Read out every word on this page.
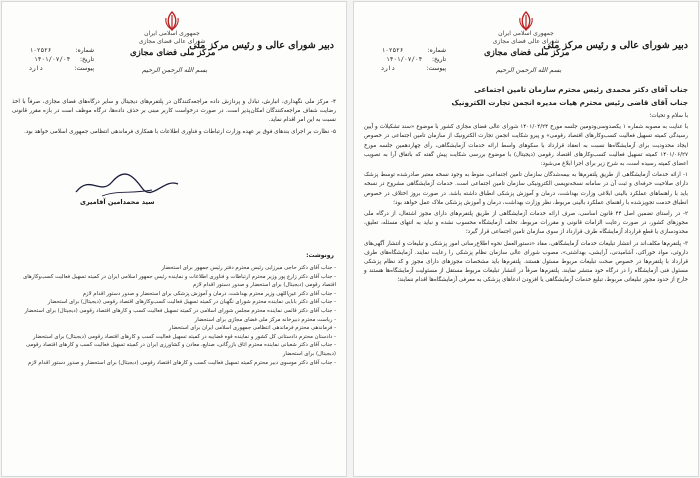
جمهوری اسلامی ایران
شورای عالی فضای مجازی
مرکز ملی فضای مجازی
دبیر شورای عالی و رئیس مرکز ملی
شماره: ۱۰۲۵۲۶
تاریخ: ۱۴۰۱/۰۷/۰۴
پیوست: دارد	بسم الله الرحمن الرحیم

۴- مرکز ملی نگهداری، انبارش، تبادل و پردازش داده مراجعه‌کنندگان در پلتفرم‌های دیجیتال و سایر درگاه‌های فضای مجازی، صرفاً با اخذ رضایت شفاف مراجعه‌کنندگان امکان‌پذیر است. در صورت درخواست کاربر مبنی بر حذف داده‌ها، درگاه موظف است در بازه مقرر قانونی نسبت به این امر اقدام نماید.

۵- نظارت بر اجرای بندهای فوق بر عهده وزارت ارتباطات و فناوری اطلاعات با همکاری فرماندهی انتظامی جمهوری اسلامی خواهد بود.

سید محمدامین آقامیری
رونوشت:

- جناب آقای دکتر حاجی میرزایی رئیس محترم دفتر رئیس جمهور برای استحضار

- جناب آقای دکتر زارع پور وزیر محترم ارتباطات و فناوری اطلاعات و نماینده رئیس جمهور اسلامی ایران در کمیته تسهیل فعالیت کسب‌وکارهای اقتصاد رقومی (دیجیتال) برای استحضار و صدور دستور اقدام لازم

- جناب آقای دکتر عین‌اللهی وزیر محترم بهداشت، درمان و آموزش پزشکی برای استحضار و صدور دستور اقدام لازم

- جناب آقای دکتر بابایی نماینده محترم شورای نگهبان در کمیته تسهیل فعالیت کسب‌وکارهای اقتصاد رقومی (دیجیتال) برای استحضار

- جناب آقای دکتر قائمی نماینده محترم مجلس شورای اسلامی در کمیته تسهیل فعالیت کسب و کارهای اقتصاد رقومی (دیجیتال) برای استحضار

- ریاست محترم دبیرخانه مرکز ملی فضای مجازی برای استحضار

- فرماندهی محترم فرماندهی انتظامی جمهوری اسلامی ایران برای استحضار

- دادستان محترم دادستانی کل کشور و نماینده قوه قضاییه در کمیته تسهیل فعالیت کسب و کارهای اقتصاد رقومی (دیجیتال) برای استحضار

- جناب آقای دکتر شعبانی نماینده محترم اتاق بازرگانی، صنایع، معادن و کشاورزی ایران در کمیته تسهیل فعالیت کسب و کارهای اقتصاد رقومی (دیجیتال) برای استحضار

- جناب آقای دکتر موسوی دبیر محترم کمیته تسهیل فعالیت کسب و کارهای اقتصاد رقومی (دیجیتال) برای استحضار و صدور دستور اقدام لازم

جمهوری اسلامی ایران
شورای عالی فضای مجازی
مرکز ملی فضای مجازی
دبیر شورای عالی و رئیس مرکز ملی
شماره: ۱۰۲۵۲۶
تاریخ: ۱۴۰۱/۰۷/۰۴
پیوست: دارد	بسم الله الرحمن الرحیم

جناب آقای دکتر محمدی رئیس محترم سازمان تامین اجتماعی

جناب آقای قاضی رئیس محترم هیات مدیره انجمن تجارت الکترونیک

با سلام و تحیات؛

با عنایت به مصوبه شماره ۱ یکصدوسی‌ودومین جلسه مورخ ۱۴۰۱/۰۴/۲۴ شورای عالی فضای مجازی کشور با موضوع «سند تشکیلات و آیین رسیدگی کمیته تسهیل فعالیت کسب‌وکارهای اقتصاد رقومی» و پیرو شکایت انجمن تجارت الکترونیک از سازمان تامین اجتماعی در خصوص ایجاد محدودیت برای آزمایشگاه‌ها نسبت به انعقاد قرارداد با سکوهای واسط ارائه خدمات آزمایشگاهی، رأی چهاردهمین جلسه مورخ ۱۴۰۱/۰۶/۲۷ کمیته تسهیل فعالیت کسب‌وکارهای اقتصاد رقومی (دیجیتال) با موضوع بررسی شکایت پیش گفته که باتفاق آرا به تصویب اعضای کمیته رسیده است، به شرح زیر برای اجرا ابلاغ می‌شود:

۱- ارائه خدمات آزمایشگاهی از طریق پلتفرم‌ها به بیمه‌شدگان سازمان تامین اجتماعی، منوط به وجود نسخه معتبر صادرشده توسط پزشک دارای صلاحیت حرفه‌ای و ثبت آن در سامانه نسخه‌نویسی الکترونیکی سازمان تامین اجتماعی است. خدمات آزمایشگاهی مشروح در نسخه باید با راهنماهای عملکرد بالینی ابلاغی وزارت بهداشت، درمان و آموزش پزشکی انطباق داشته باشد. در صورت بروز اختلاف در خصوص انطباق خدمت تجویزشده با راهنمای عملکرد بالینی مربوط، نظر وزارت بهداشت، درمان و آموزش پزشکی ملاک عمل خواهد بود؛

۲- در راستای تضمین اصل ۴۴ قانون اساسی، صرف ارائه خدمات آزمایشگاهی از طریق پلتفرم‌های دارای مجوز اشتغال، از درگاه ملی مجوزهای کشور، در صورت رعایت الزامات قانونی و مقررات مربوط، تخلف آزمایشگاه محسوب نشده و نباید به انتهای مسئله، تعلیق، محدودسازی یا قطع قرارداد آزمایشگاه طرف قرارداد از سوی سازمان تامین اجتماعی قرار گیرد؛

۳- پلتفرم‌ها مکلف‌اند در انتشار تبلیغات خدمات آزمایشگاهی، مفاد «دستورالعمل نحوه اطلاع‌رسانی امور پزشکی و تبلیغات و انتشار آگهی‌های داروئی، مواد خوراکی، آشامیدنی، آرایشی، بهداشتی»، مصوب شورای عالی سازمان نظام پزشکی را رعایت نمایند. آزمایشگاه‌های طرف قرارداد با پلتفرم‌ها در خصوص صحت تبلیغات مربوط مسئول هستند. پلتفرم‌ها باید مشخصات مجوزهای دارای مجوز و کد نظام پزشکی مسئول فنی آزمایشگاه را در درگاه خود منتشر نمایند. پلتفرم‌ها صرفاً در انتشار تبلیغات مربوط مستقل از مسئولیت آزمایشگاه‌ها هستند و خارج از حدود مجوز تبلیغاتی مربوط، تبلیغ خدمات آزمایشگاهی یا افزودن ادعاهای پزشکی به معرفی آزمایشگاه‌ها اقدام ننمایند؛
